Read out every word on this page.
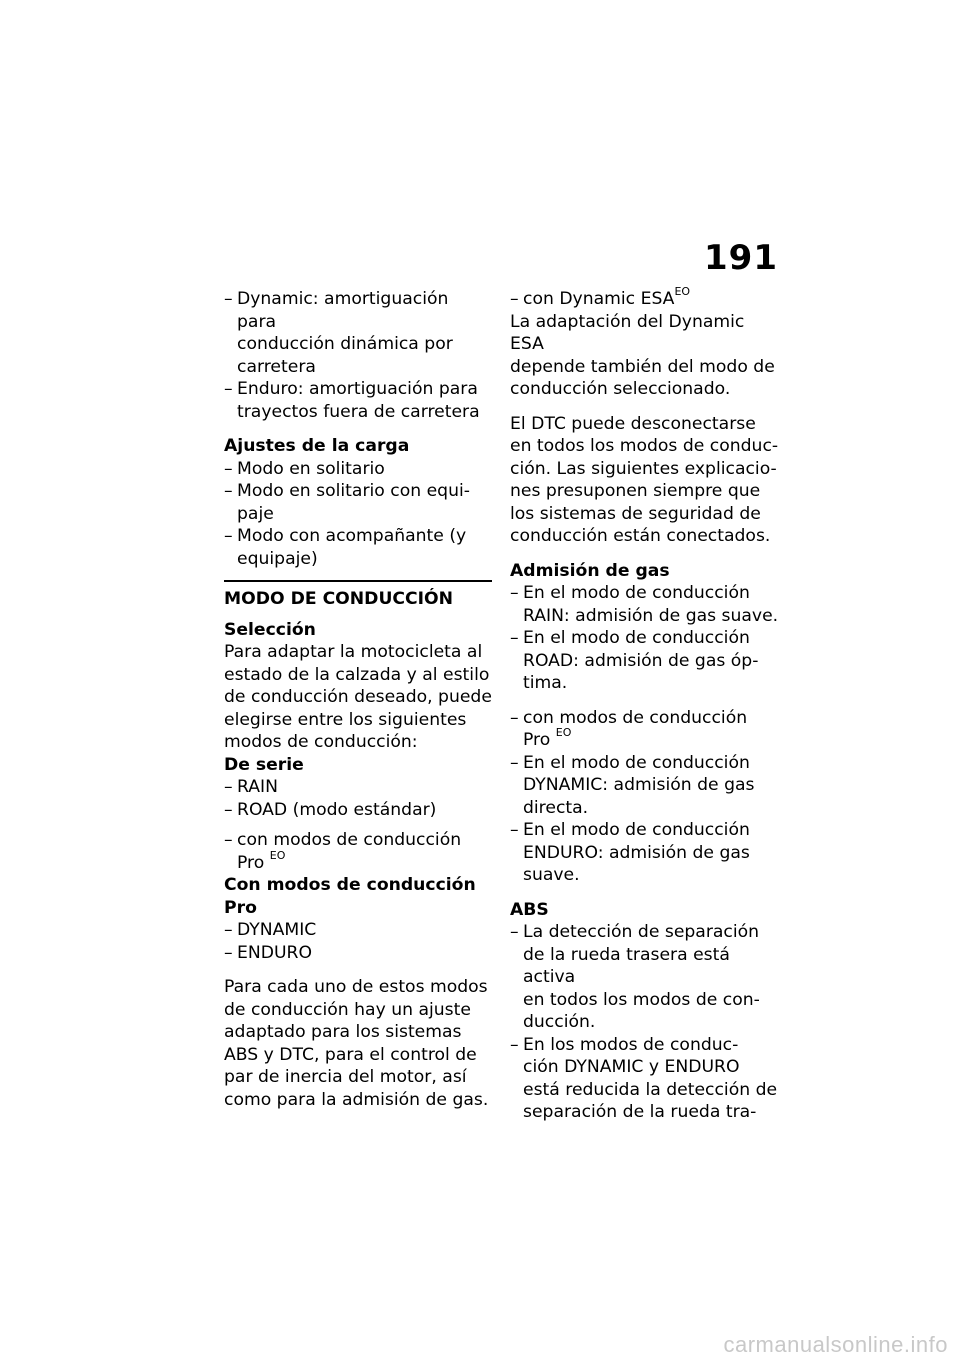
191
– Dynamic: amortiguación para
conducción dinámica por
carretera
– Enduro: amortiguación para
trayectos fuera de carretera
Ajustes de la carga
– Modo en solitario
– Modo en solitario con equi-
paje
– Modo con acompañante (y
equipaje)
MODO DE CONDUCCIÓN
Selección
Para adaptar la motocicleta al
estado de la calzada y al estilo
de conducción deseado, puede
elegirse entre los siguientes
modos de conducción:
De serie
– RAIN
– ROAD (modo estándar)
– con modos de conducción
Pro $^{EO}$
Con modos de conducción
Pro
– DYNAMIC
– ENDURO
Para cada uno de estos modos
de conducción hay un ajuste
adaptado para los sistemas
ABS y DTC, para el control de
par de inercia del motor, así
como para la admisión de gas.
– con Dynamic $ESA^{EO}$
La adaptación del Dynamic ESA
depende también del modo de
conducción seleccionado.
El DTC puede desconectarse
en todos los modos de conduc-
ción. Las siguientes explicacio-
nes presuponen siempre que
los sistemas de seguridad de
conducción están conectados.
Admisión de gas
– En el modo de conducción
RAIN: admisión de gas suave.
– En el modo de conducción
ROAD: admisión de gas óp-
tima.
– con modos de conducción
Pro $^{EO}$
– En el modo de conducción
DYNAMIC: admisión de gas
directa.
– En el modo de conducción
ENDURO: admisión de gas
suave.
ABS
– La detección de separación
de la rueda trasera está activa
en todos los modos de con-
ducción.
– En los modos de conduc-
ción DYNAMIC y ENDURO
está reducida la detección de
separación de la rueda tra-
carmanualsonline.info
